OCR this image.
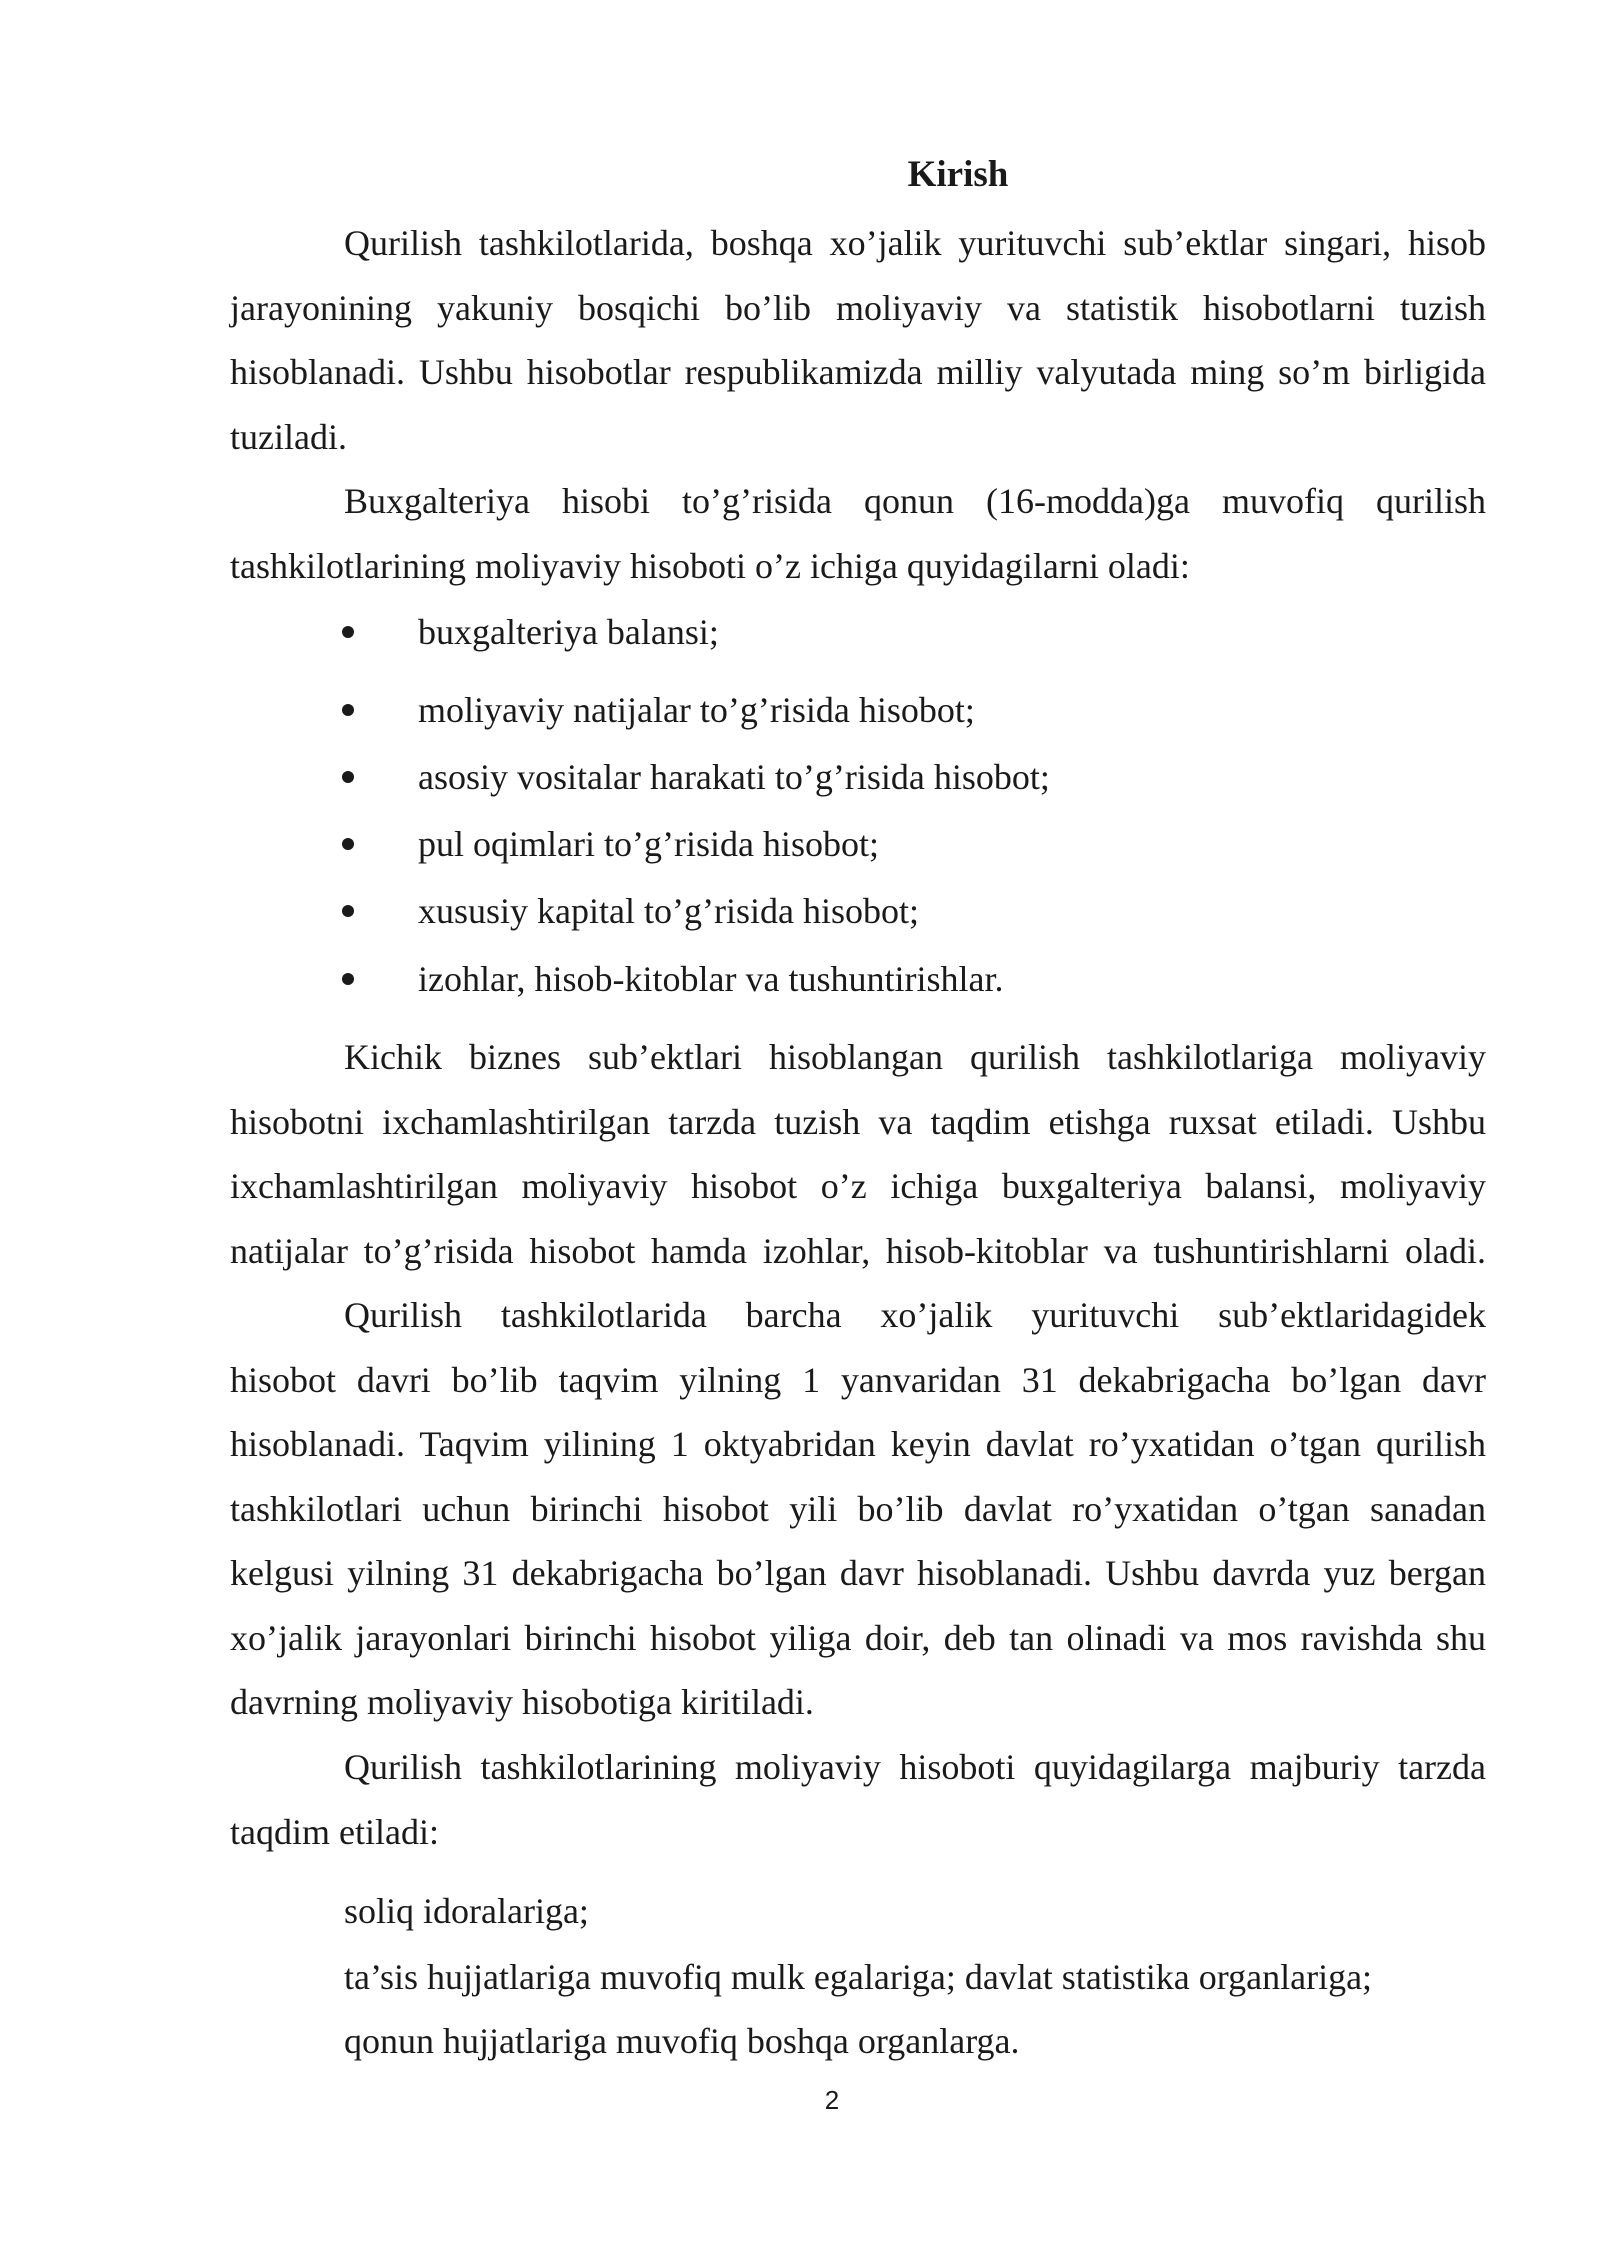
Kirish
Qurilish tashkilotlarida, boshqa xo’jalik yurituvchi sub’ektlar singari, hisob
jarayonining yakuniy bosqichi bo’lib moliyaviy va statistik hisobotlarni tuzish
hisoblanadi. Ushbu hisobotlar respublikamizda milliy valyutada ming so’m birligida
tuziladi.
Buxgalteriya hisobi to’g’risida qonun (16-modda)ga muvofiq qurilish
tashkilotlarining moliyaviy hisoboti o’z ichiga quyidagilarni oladi:
buxgalteriya balansi;
moliyaviy natijalar to’g’risida hisobot;
asosiy vositalar harakati to’g’risida hisobot;
pul oqimlari to’g’risida hisobot;
xususiy kapital to’g’risida hisobot;
izohlar, hisob-kitoblar va tushuntirishlar.
Kichik biznes sub’ektlari hisoblangan qurilish tashkilotlariga moliyaviy
hisobotni ixchamlashtirilgan tarzda tuzish va taqdim etishga ruxsat etiladi. Ushbu
ixchamlashtirilgan moliyaviy hisobot o’z ichiga buxgalteriya balansi, moliyaviy
natijalar to’g’risida hisobot hamda izohlar, hisob-kitoblar va tushuntirishlarni oladi.
Qurilish tashkilotlarida barcha xo’jalik yurituvchi sub’ektlaridagidek
hisobot davri bo’lib taqvim yilning 1 yanvaridan 31 dekabrigacha bo’lgan davr
hisoblanadi. Taqvim yilining 1 oktyabridan keyin davlat ro’yxatidan o’tgan qurilish
tashkilotlari uchun birinchi hisobot yili bo’lib davlat ro’yxatidan o’tgan sanadan
kelgusi yilning 31 dekabrigacha bo’lgan davr hisoblanadi. Ushbu davrda yuz bergan
xo’jalik jarayonlari birinchi hisobot yiliga doir, deb tan olinadi va mos ravishda shu
davrning moliyaviy hisobotiga kiritiladi.
Qurilish tashkilotlarining moliyaviy hisoboti quyidagilarga majburiy tarzda
taqdim etiladi:
soliq idoralariga;
ta’sis hujjatlariga muvofiq mulk egalariga; davlat statistika organlariga;
qonun hujjatlariga muvofiq boshqa organlarga.
2
